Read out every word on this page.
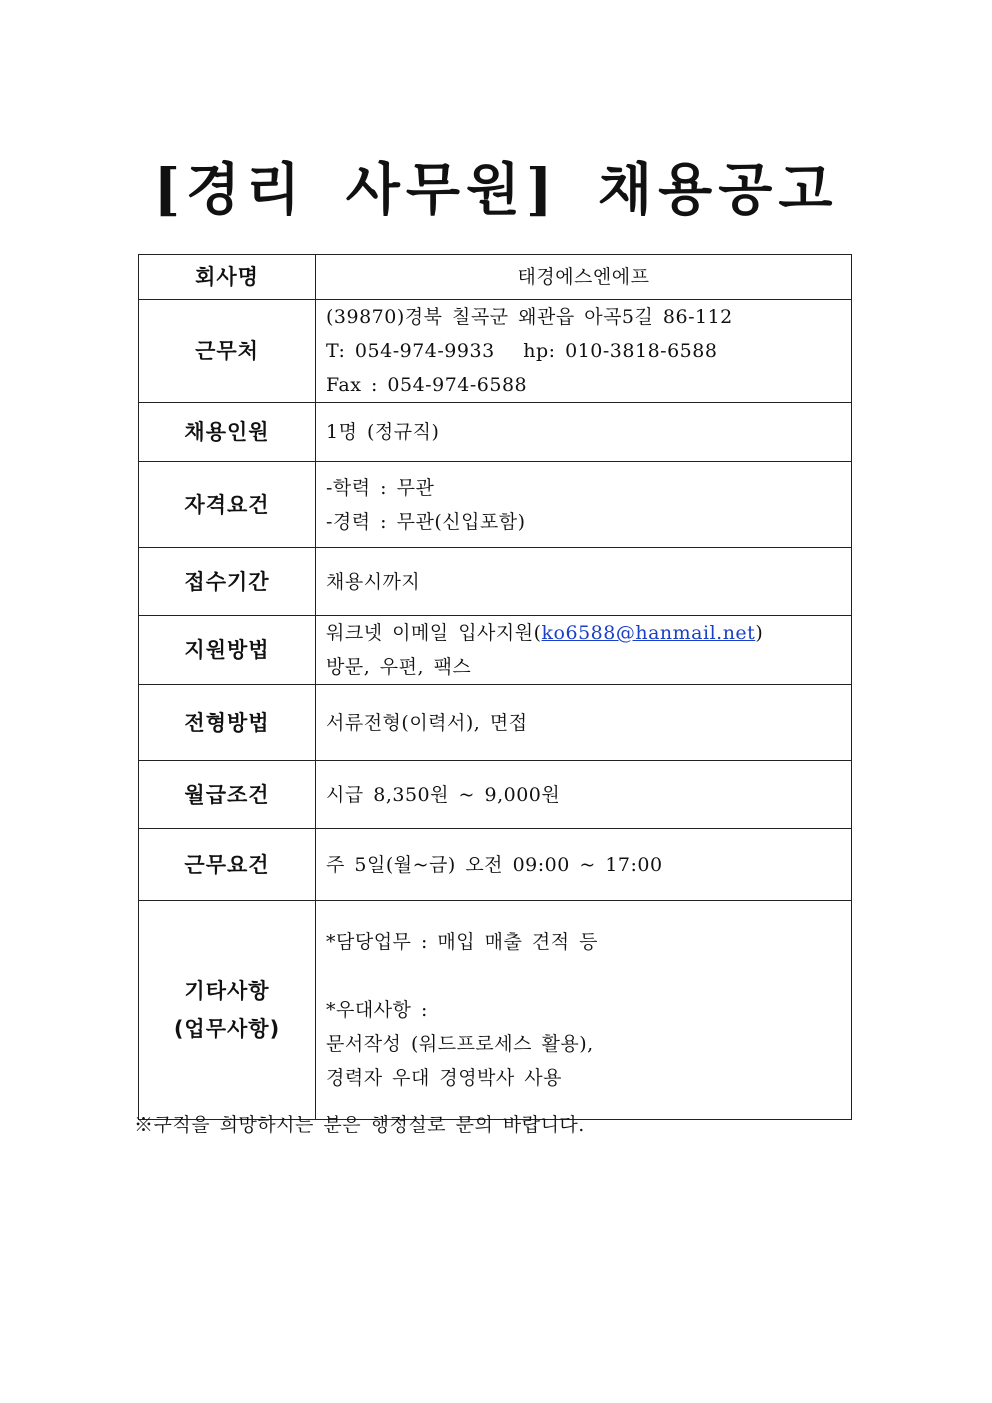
[경리 사무원] 채용공고
회사명	태경에스엔에프
근무처	(39870)경북 칠곡군 왜관읍 아곡5길 86-112
T: 054-974-9933   hp: 010-3818-6588
Fax : 054-974-6588

채용인원	1명 (정규직)
자격요건	-학력 : 무관
-경력 : 무관(신입포함)

접수기간	채용시까지
지원방법	워크넷 이메일 입사지원(ko6588@hanmail.net)
방문, 우편, 팩스

전형방법	서류전형(이력서), 면접
월급조건	시급 8,350원 ~ 9,000원
근무요건	주 5일(월~금) 오전 09:00 ~ 17:00

기타사항
(업무사항)	*담당업무 : 매입 매출 견적 등
*우대사항 :
문서작성 (워드프로세스 활용),
경력자 우대 경영박사 사용
※구직을 희망하시는 분은 행정실로 문의 바랍니다.
